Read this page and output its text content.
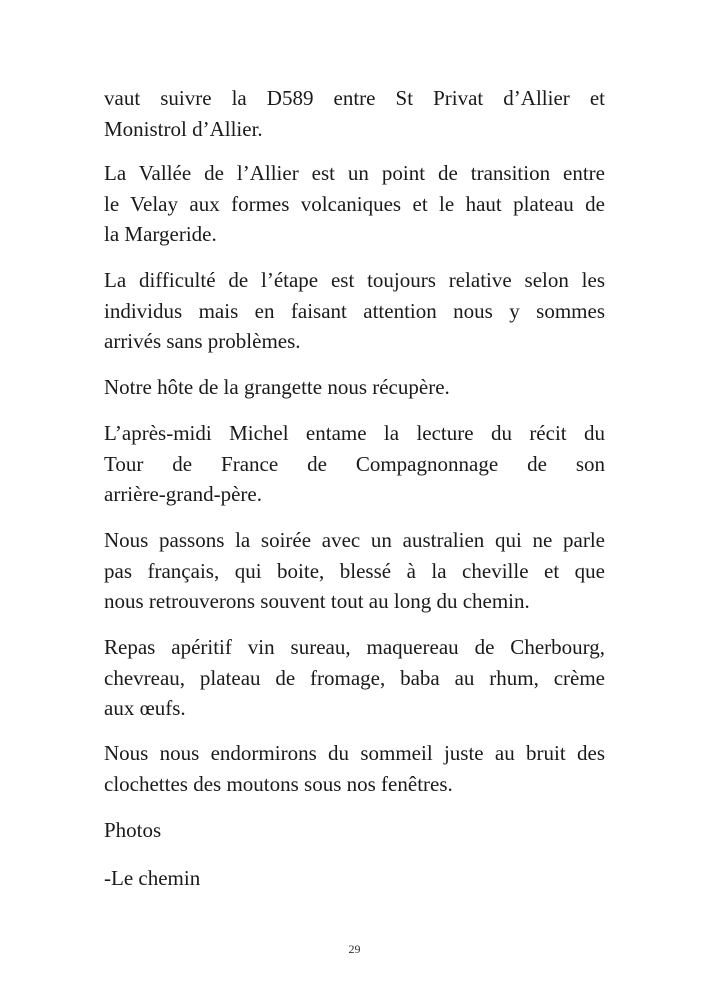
vaut suivre la D589 entre St Privat d’Allier et
Monistrol d’Allier.

La Vallée de l’Allier est un point de transition entre
le Velay aux formes volcaniques et le haut plateau de
la Margeride.

La difficulté de l’étape est toujours relative selon les
individus mais en faisant attention nous y sommes
arrivés sans problèmes.

Notre hôte de la grangette nous récupère.

L’après-midi Michel entame la lecture du récit du
Tour de France de Compagnonnage de son
arrière-grand-père.

Nous passons la soirée avec un australien qui ne parle
pas français, qui boite, blessé à la cheville et que
nous retrouverons souvent tout au long du chemin.

Repas apéritif vin sureau, maquereau de Cherbourg,
chevreau, plateau de fromage, baba au rhum, crème
aux œufs.

Nous nous endormirons du sommeil juste au bruit des
clochettes des moutons sous nos fenêtres.

Photos

-Le chemin

29
